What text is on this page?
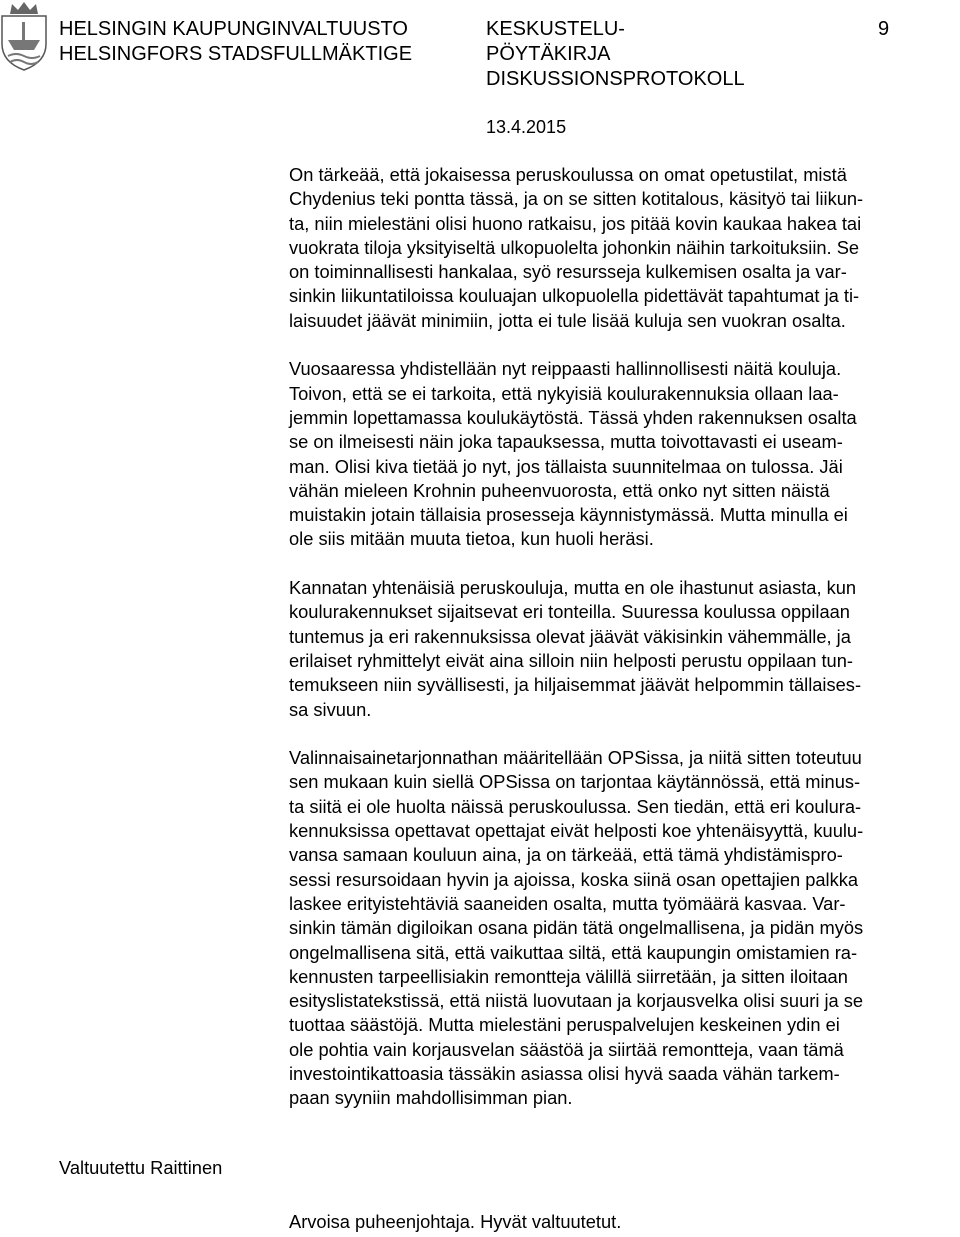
HELSINGIN KAUPUNGINVALTUUSTO
HELSINGFORS STADSFULLMÄKTIGE
KESKUSTELU-
PÖYTÄKIRJA
DISKUSSIONSPROTOKOLL
9
13.4.2015
On tärkeää, että jokaisessa peruskoulussa on omat opetustilat, mistä
Chydenius teki pontta tässä, ja on se sitten kotitalous, käsityö tai liikun-
ta, niin mielestäni olisi huono ratkaisu, jos pitää kovin kaukaa hakea tai
vuokrata tiloja yksityiseltä ulkopuolelta johonkin näihin tarkoituksiin. Se
on toiminnallisesti hankalaa, syö resursseja kulkemisen osalta ja var-
sinkin liikuntatiloissa kouluajan ulkopuolella pidettävät tapahtumat ja ti-
laisuudet jäävät minimiin, jotta ei tule lisää kuluja sen vuokran osalta.
Vuosaaressa yhdistellään nyt reippaasti hallinnollisesti näitä kouluja.
Toivon, että se ei tarkoita, että nykyisiä koulurakennuksia ollaan laa-
jemmin lopettamassa koulukäytöstä. Tässä yhden rakennuksen osalta
se on ilmeisesti näin joka tapauksessa, mutta toivottavasti ei useam-
man. Olisi kiva tietää jo nyt, jos tällaista suunnitelmaa on tulossa. Jäi
vähän mieleen Krohnin puheenvuorosta, että onko nyt sitten näistä
muistakin jotain tällaisia prosesseja käynnistymässä. Mutta minulla ei
ole siis mitään muuta tietoa, kun huoli heräsi.
Kannatan yhtenäisiä peruskouluja, mutta en ole ihastunut asiasta, kun
koulurakennukset sijaitsevat eri tonteilla. Suuressa koulussa oppilaan
tuntemus ja eri rakennuksissa olevat jäävät väkisinkin vähemmälle, ja
erilaiset ryhmittelyt eivät aina silloin niin helposti perustu oppilaan tun-
temukseen niin syvällisesti, ja hiljaisemmat jäävät helpommin tällaises-
sa sivuun.
Valinnaisainetarjonnathan määritellään OPSissa, ja niitä sitten toteutuu
sen mukaan kuin siellä OPSissa on tarjontaa käytännössä, että minus-
ta siitä ei ole huolta näissä peruskoulussa. Sen tiedän, että eri koulura-
kennuksissa opettavat opettajat eivät helposti koe yhtenäisyyttä, kuulu-
vansa samaan kouluun aina, ja on tärkeää, että tämä yhdistämispro-
sessi resursoidaan hyvin ja ajoissa, koska siinä osan opettajien palkka
laskee erityistehtäviä saaneiden osalta, mutta työmäärä kasvaa. Var-
sinkin tämän digiloikan osana pidän tätä ongelmallisena, ja pidän myös
ongelmallisena sitä, että vaikuttaa siltä, että kaupungin omistamien ra-
kennusten tarpeellisiakin remontteja välillä siirretään, ja sitten iloitaan
esityslistatekstissä, että niistä luovutaan ja korjausvelka olisi suuri ja se
tuottaa säästöjä. Mutta mielestäni peruspalvelujen keskeinen ydin ei
ole pohtia vain korjausvelan säästöä ja siirtää remontteja, vaan tämä
investointikattoasia tässäkin asiassa olisi hyvä saada vähän tarkem-
paan syyniin mahdollisimman pian.
Valtuutettu Raittinen
Arvoisa puheenjohtaja. Hyvät valtuutetut.
